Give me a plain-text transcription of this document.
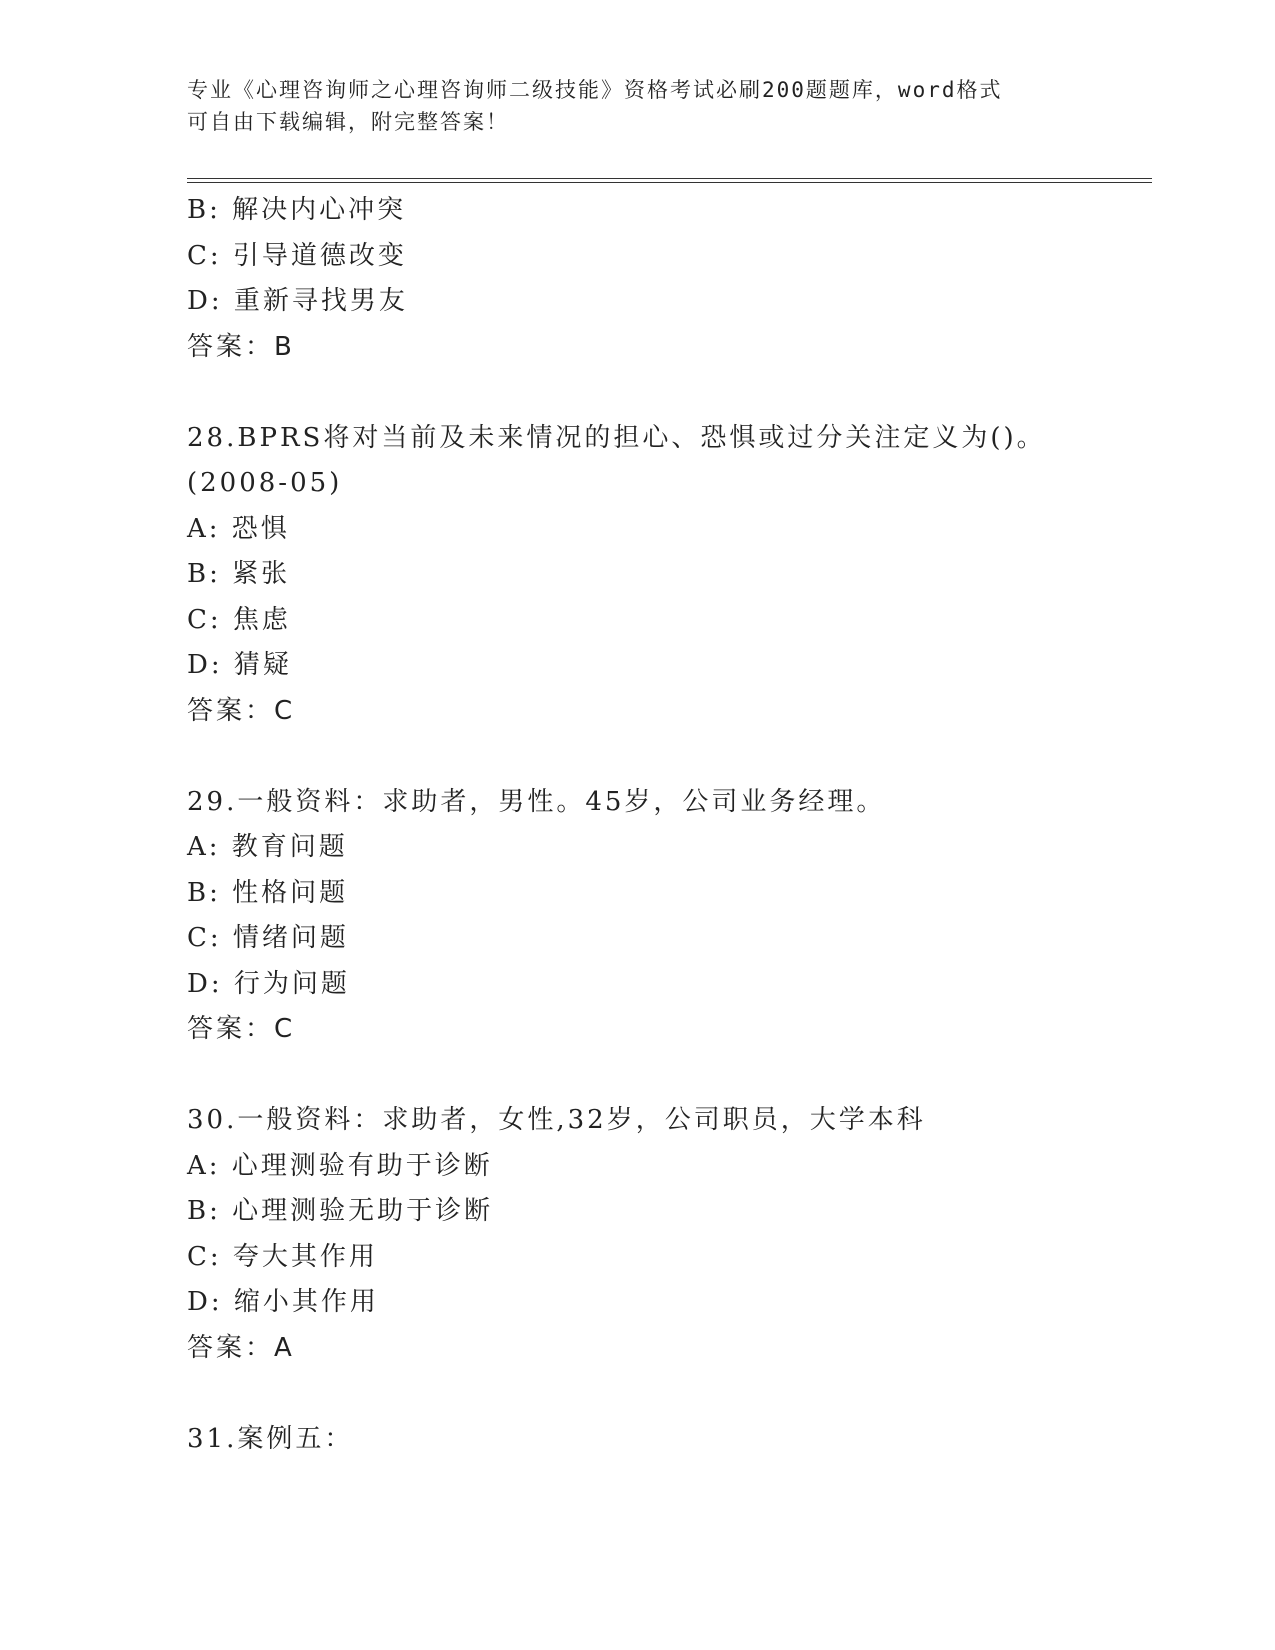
专业《心理咨询师之心理咨询师二级技能》资格考试必刷200题题库，word格式
可自由下载编辑，附完整答案！
B: 解决内心冲突
C: 引导道德改变
D: 重新寻找男友
答案：B
28.BPRS将对当前及未来情况的担心、恐惧或过分关注定义为()。
(2008-05)
A: 恐惧
B: 紧张
C: 焦虑
D: 猜疑
答案：C
29.一般资料：求助者，男性。45岁，公司业务经理。
A: 教育问题
B: 性格问题
C: 情绪问题
D: 行为问题
答案：C
30.一般资料：求助者，女性,32岁，公司职员，大学本科
A: 心理测验有助于诊断
B: 心理测验无助于诊断
C: 夸大其作用
D: 缩小其作用
答案：A
31.案例五：
